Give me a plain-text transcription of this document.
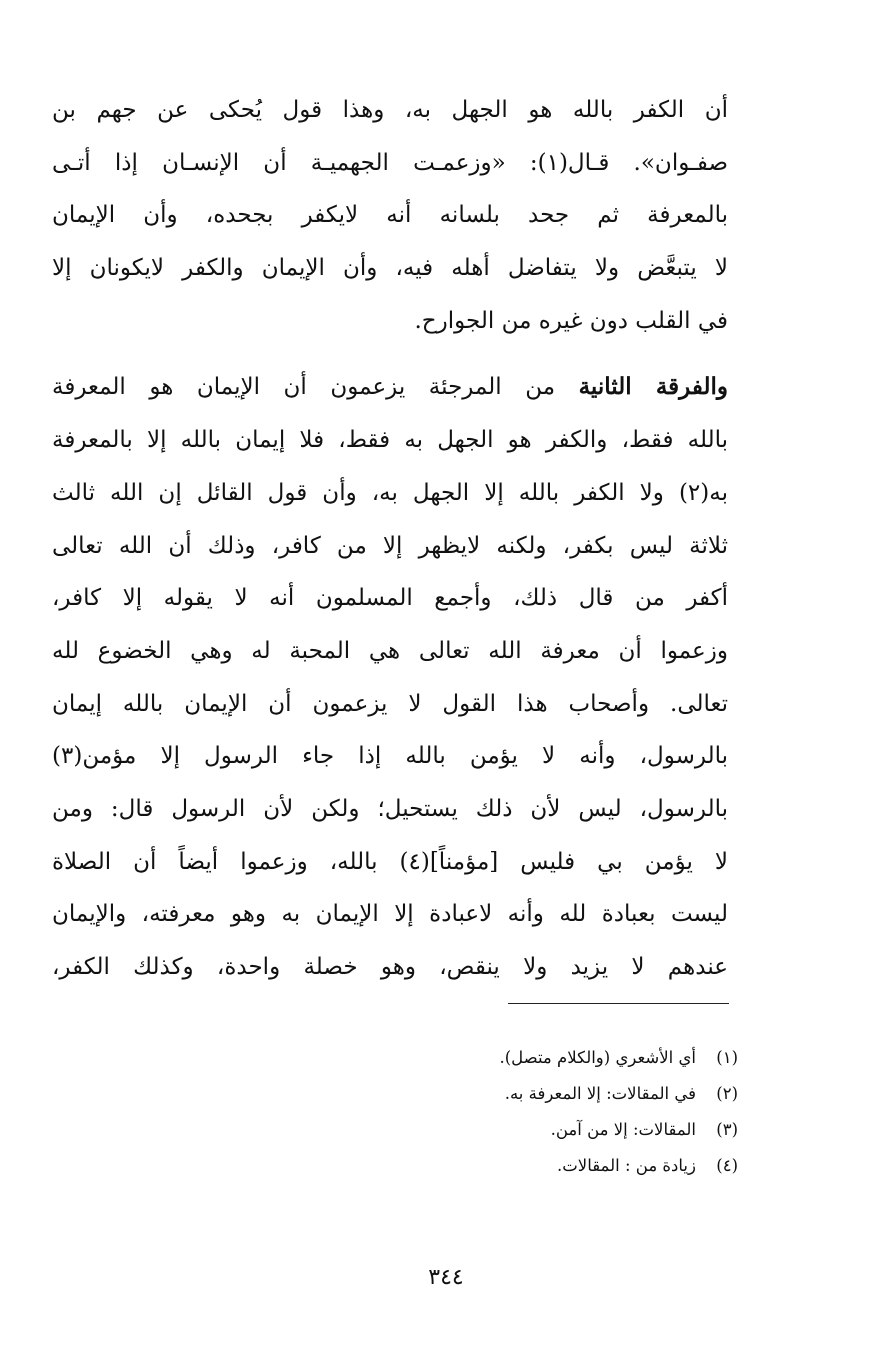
أن الكفر بالله هو الجهل به، وهذا قول يُحكى عن جهم بن
صفـوان». قـال(١): «وزعمـت الجهميـة أن الإنسـان إذا أتـى
بالمعرفة ثم جحد بلسانه أنه لايكفر بجحده، وأن الإيمان
لا يتبعَّض ولا يتفاضل أهله فيه، وأن الإيمان والكفر لايكونان إلا
في القلب دون غيره من الجوارح.
والفرقة الثانية من المرجئة يزعمون أن الإيمان هو المعرفة
بالله فقط، والكفر هو الجهل به فقط، فلا إيمان بالله إلا بالمعرفة
به(٢) ولا الكفر بالله إلا الجهل به، وأن قول القائل إن الله ثالث
ثلاثة ليس بكفر، ولكنه لايظهر إلا من كافر، وذلك أن الله تعالى
أكفر من قال ذلك، وأجمع المسلمون أنه لا يقوله إلا كافر،
وزعموا أن معرفة الله تعالى هي المحبة له وهي الخضوع لله
تعالى. وأصحاب هذا القول لا يزعمون أن الإيمان بالله إيمان
بالرسول، وأنه لا يؤمن بالله إذا جاء الرسول إلا مؤمن(٣)
بالرسول، ليس لأن ذلك يستحيل؛ ولكن لأن الرسول قال: ومن
لا يؤمن بي فليس [مؤمناً](٤) بالله، وزعموا أيضاً أن الصلاة
ليست بعبادة لله وأنه لاعبادة إلا الإيمان به وهو معرفته، والإيمان
عندهم لا يزيد ولا ينقص، وهو خصلة واحدة، وكذلك الكفر،
(١)
أي الأشعري (والكلام متصل).
(٢)
في المقالات: إلا المعرفة به.
(٣)
المقالات: إلا من آمن.
(٤)
زيادة من : المقالات.
٣٤٤
